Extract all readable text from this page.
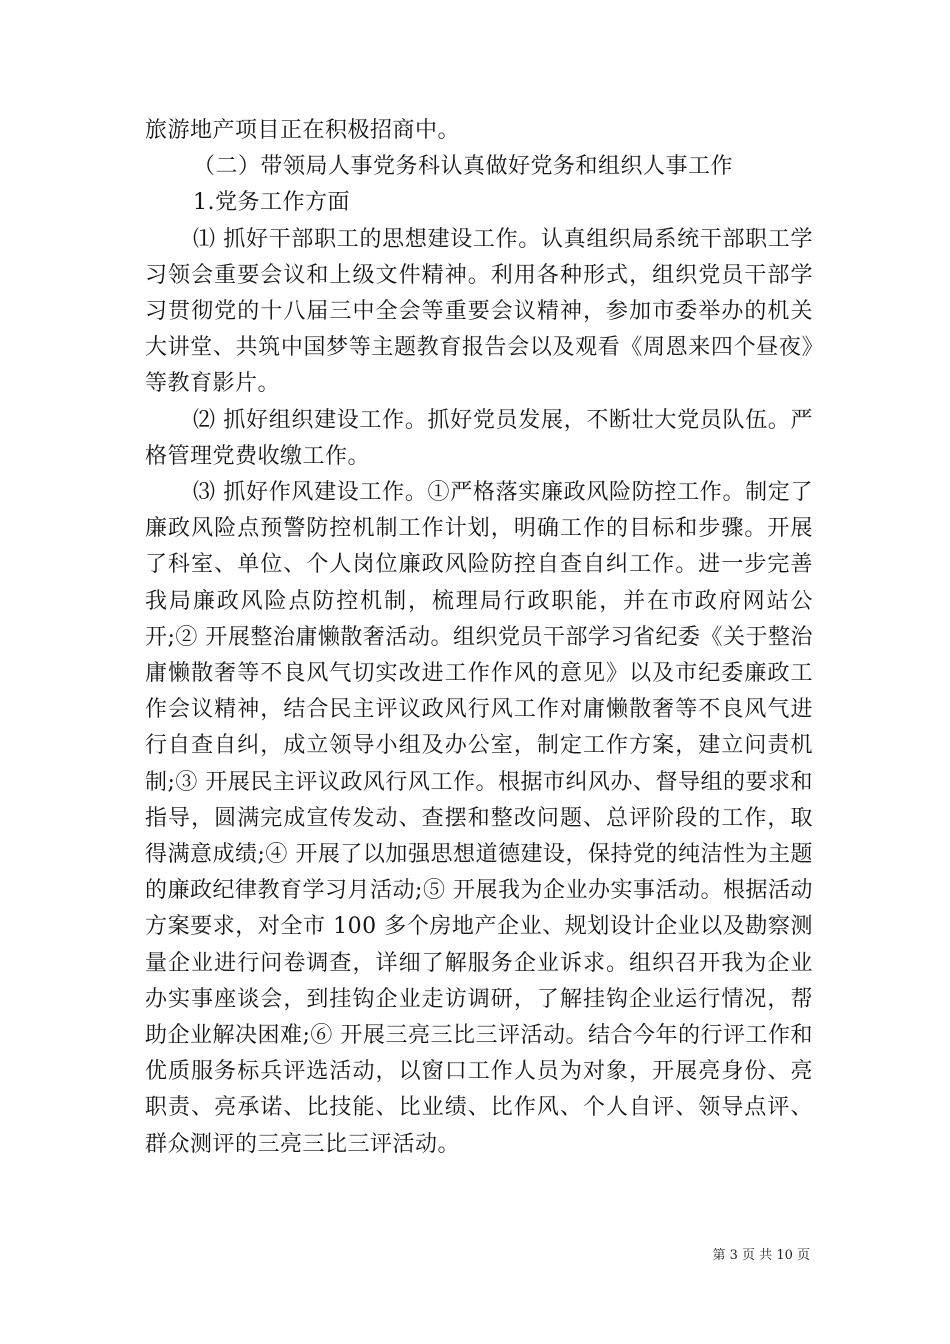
旅游地产项目正在积极招商中。

（二）带领局人事党务科认真做好党务和组织人事工作

1.党务工作方面

⑴ 抓好干部职工的思想建设工作。认真组织局系统干部职工学习领会重要会议和上级文件精神。利用各种形式，组织党员干部学习贯彻党的十八届三中全会等重要会议精神，参加市委举办的机关大讲堂、共筑中国梦等主题教育报告会以及观看《周恩来四个昼夜》等教育影片。

⑵ 抓好组织建设工作。抓好党员发展，不断壮大党员队伍。严格管理党费收缴工作。

⑶ 抓好作风建设工作。①严格落实廉政风险防控工作。制定了廉政风险点预警防控机制工作计划，明确工作的目标和步骤。开展了科室、单位、个人岗位廉政风险防控自查自纠工作。进一步完善我局廉政风险点防控机制，梳理局行政职能，并在市政府网站公开;② 开展整治庸懒散奢活动。组织党员干部学习省纪委《关于整治庸懒散奢等不良风气切实改进工作作风的意见》以及市纪委廉政工作会议精神，结合民主评议政风行风工作对庸懒散奢等不良风气进行自查自纠，成立领导小组及办公室，制定工作方案，建立问责机制;③ 开展民主评议政风行风工作。根据市纠风办、督导组的要求和指导，圆满完成宣传发动、查摆和整改问题、总评阶段的工作，取得满意成绩;④ 开展了以加强思想道德建设，保持党的纯洁性为主题的廉政纪律教育学习月活动;⑤ 开展我为企业办实事活动。根据活动方案要求，对全市 100 多个房地产企业、规划设计企业以及勘察测量企业进行问卷调查，详细了解服务企业诉求。组织召开我为企业办实事座谈会，到挂钩企业走访调研，了解挂钩企业运行情况，帮助企业解决困难;⑥ 开展三亮三比三评活动。结合今年的行评工作和优质服务标兵评选活动，以窗口工作人员为对象，开展亮身份、亮职责、亮承诺、比技能、比业绩、比作风、个人自评、领导点评、群众测评的三亮三比三评活动。

第 3 页 共 10 页
